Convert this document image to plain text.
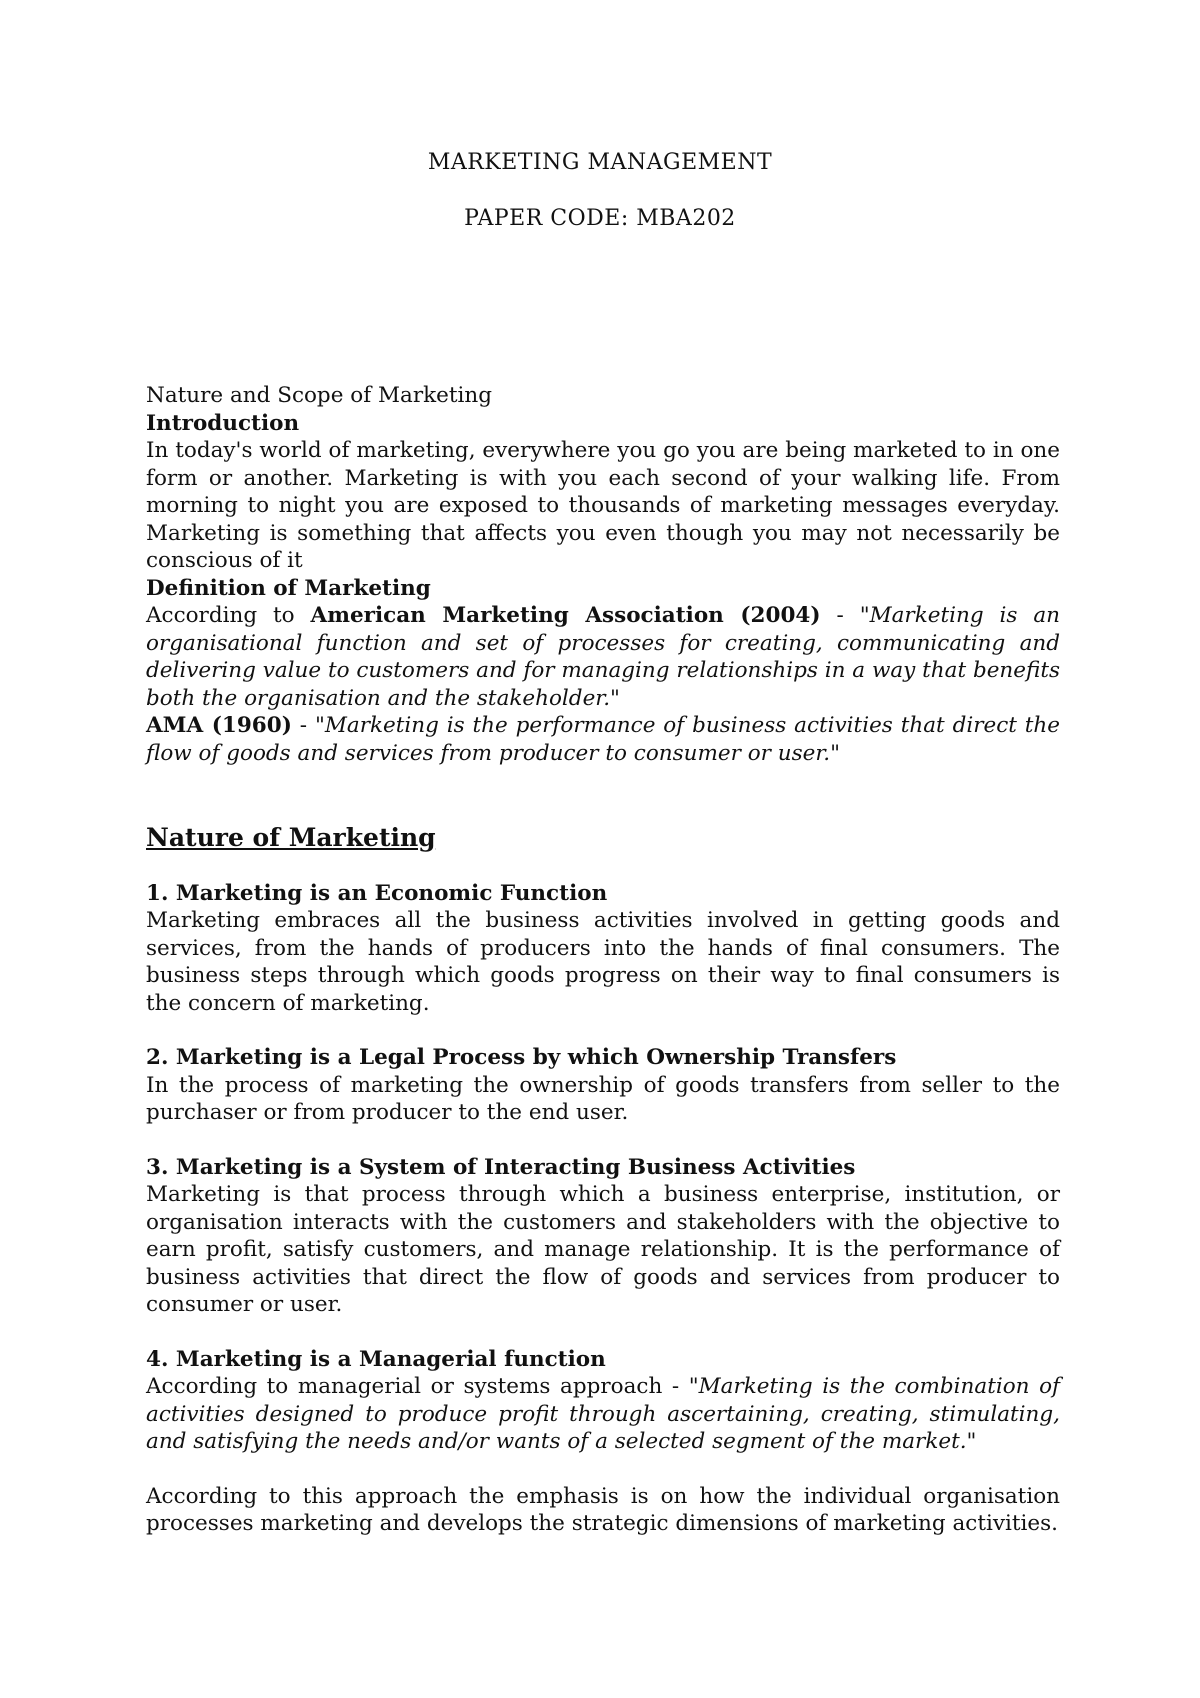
MARKETING MANAGEMENT
PAPER CODE: MBA202

Nature and Scope of Marketing

Introduction

In today's world of marketing, everywhere you go you are being marketed to in one form or another. Marketing is with you each second of your walking life. From morning to night you are exposed to thousands of marketing messages everyday. Marketing is something that affects you even though you may not necessarily be conscious of it

Definition of Marketing

According to American Marketing Association (2004) - "Marketing is an organisational function and set of processes for creating, communicating and delivering value to customers and for managing relationships in a way that benefits both the organisation and the stakeholder."

AMA (1960) - "Marketing is the performance of business activities that direct the flow of goods and services from producer to consumer or user."

Nature of Marketing

1. Marketing is an Economic Function

Marketing embraces all the business activities involved in getting goods and services, from the hands of producers into the hands of final consumers. The business steps through which goods progress on their way to final consumers is the concern of marketing.

2. Marketing is a Legal Process by which Ownership Transfers

In the process of marketing the ownership of goods transfers from seller to the purchaser or from producer to the end user.

3. Marketing is a System of Interacting Business Activities

Marketing is that process through which a business enterprise, institution, or organisation interacts with the customers and stakeholders with the objective to earn profit, satisfy customers, and manage relationship. It is the performance of business activities that direct the flow of goods and services from producer to consumer or user.

4. Marketing is a Managerial function

According to managerial or systems approach - "Marketing is the combination of activities designed to produce profit through ascertaining, creating, stimulating, and satisfying the needs and/or wants of a selected segment of the market."

According to this approach the emphasis is on how the individual organisation processes marketing and develops the strategic dimensions of marketing activities.
